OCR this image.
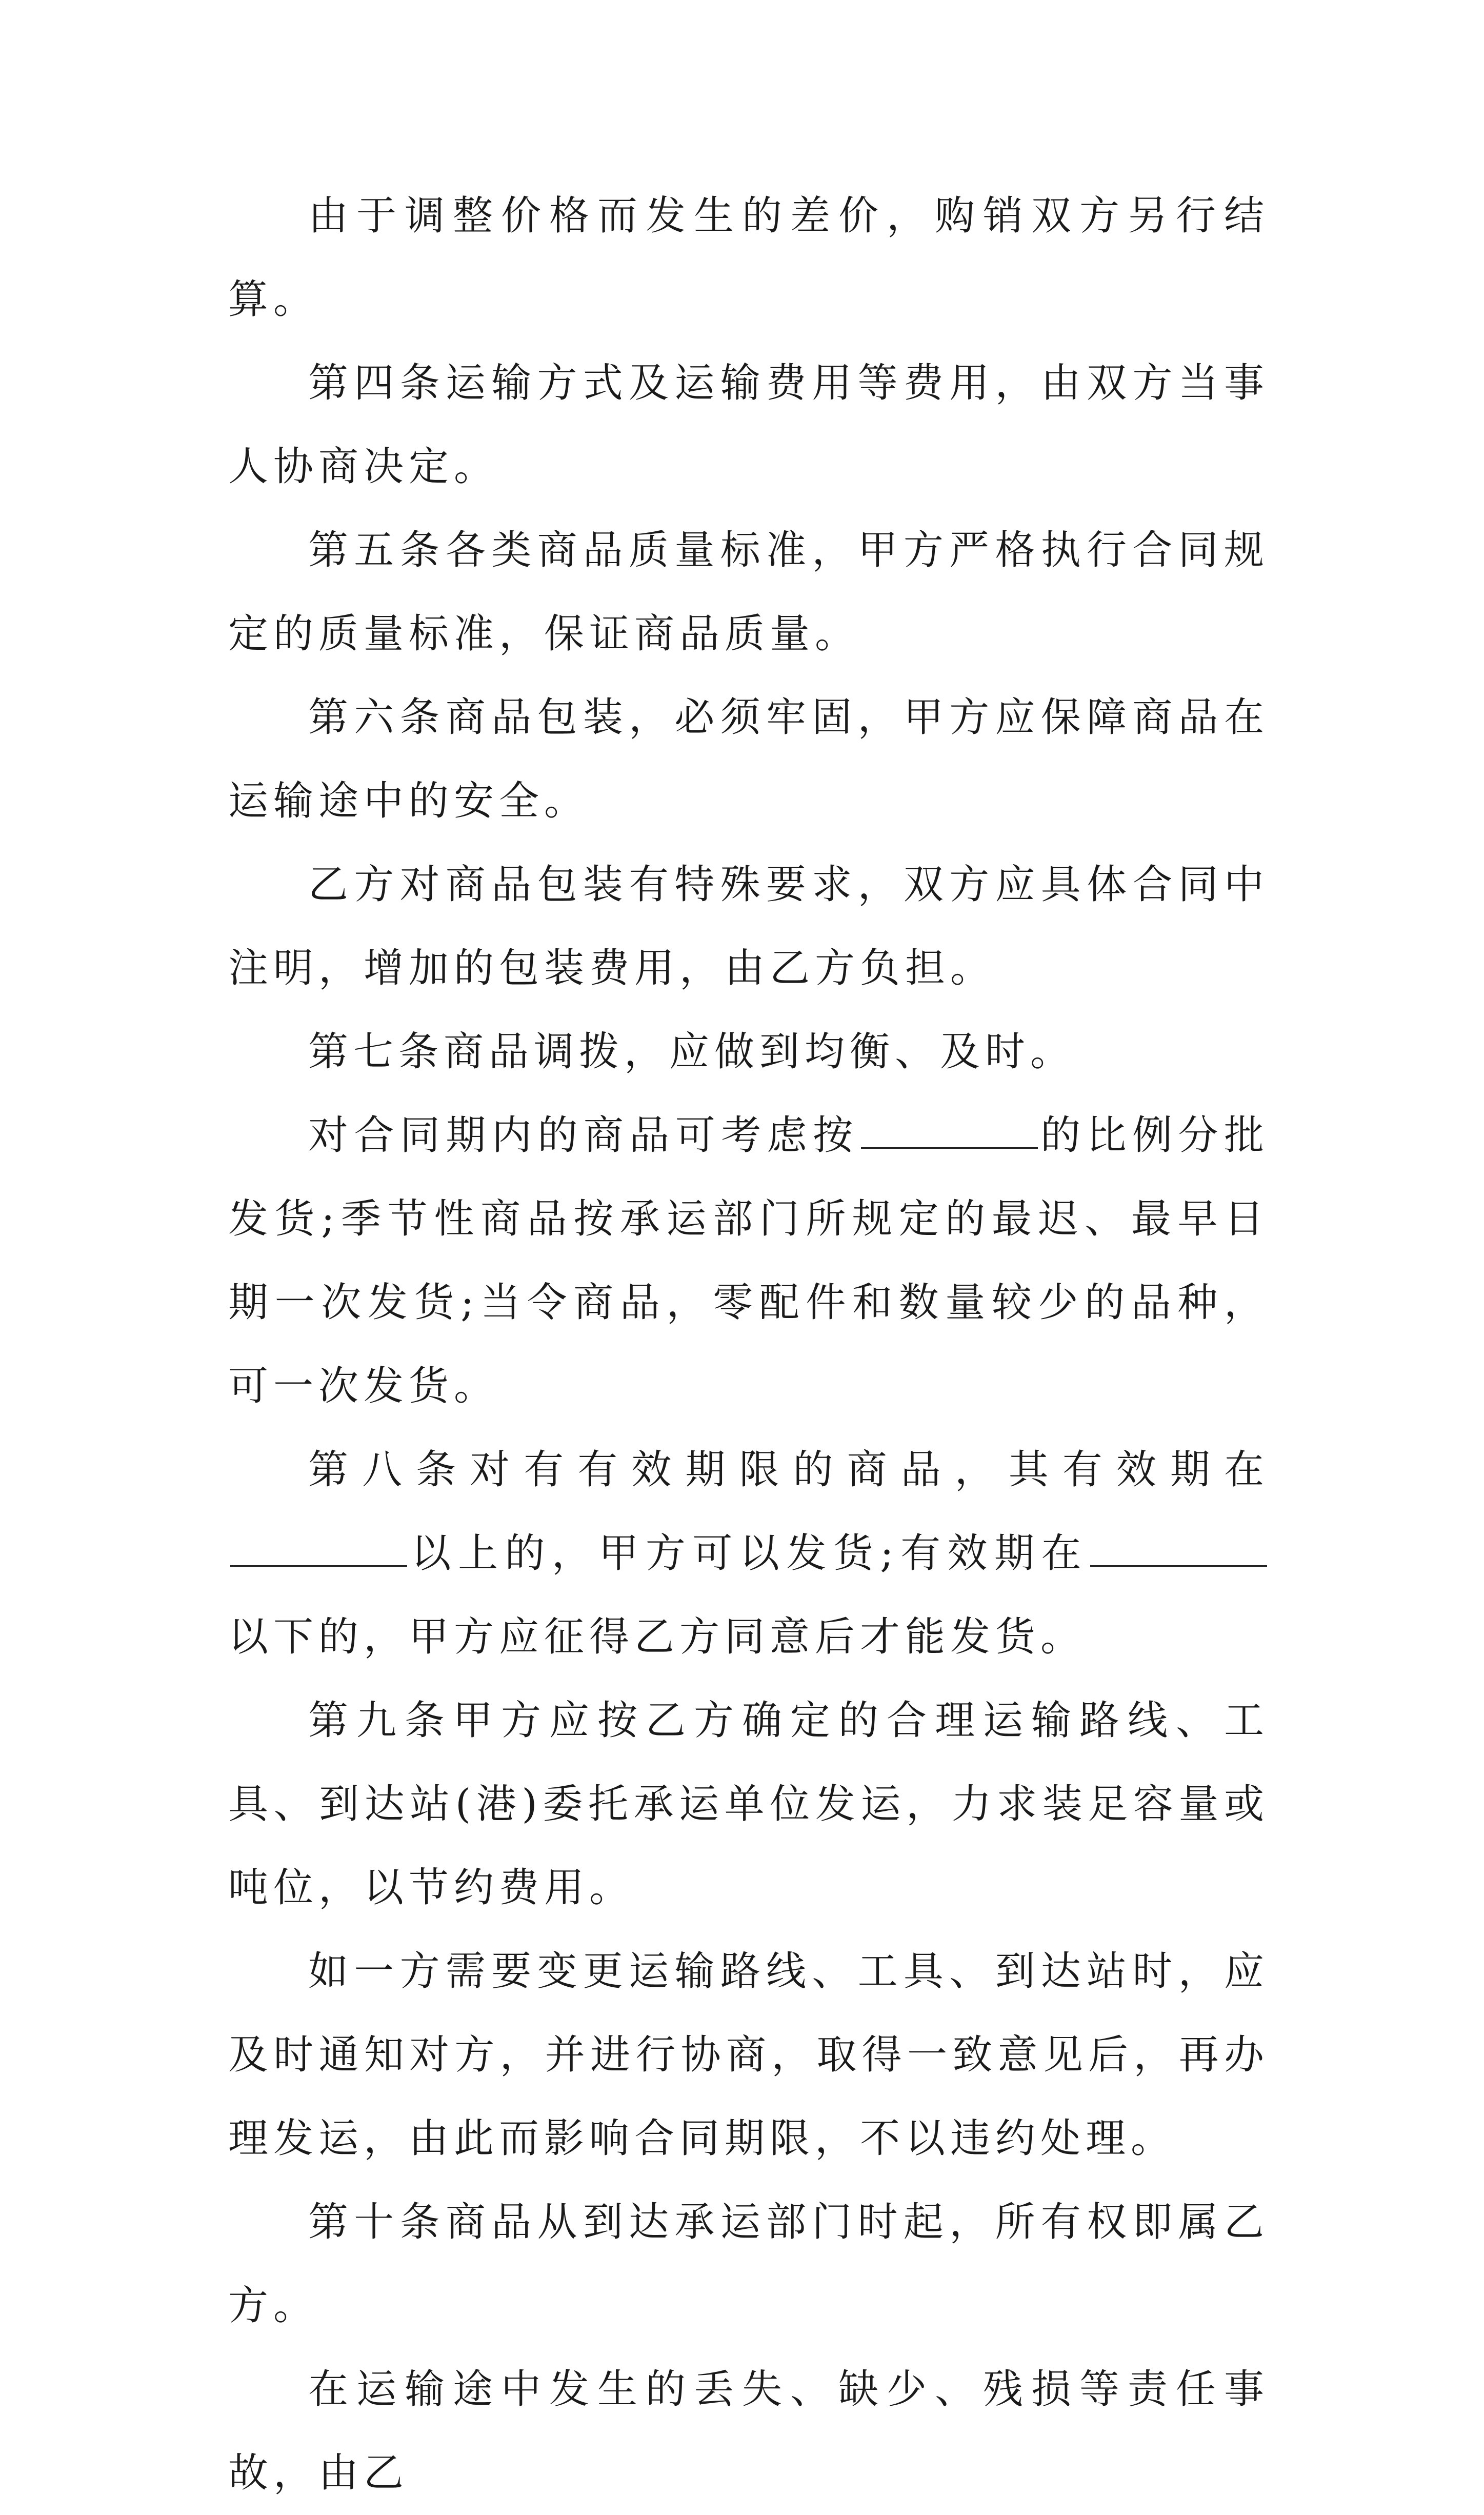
由于调整价格而发生的差价，购销双方另行结算。

第四条运输方式及运输费用等费用，由双方当事人协商决定。

第五条各类商品质量标准，甲方严格执行合同规定的质量标准，保证商品质量。

第六条商品包装，必须牢固，甲方应保障商品在运输途中的安全。

乙方对商品包装有特殊要求，双方应具体合同中注明，增加的包装费用，由乙方负担。

第七条商品调拨，应做到均衡、及时。

对合同期内的商品可考虑按	的比例分批发货;季节性商品按承运部门所规定的最迟、最早日期一次发货;当令商品，零配件和数量较少的品种，可一次发货。

第八条对有有效期限的商品，其有效期在以上的，甲方可以发货;有效期在以下的，甲方应征得乙方同意后才能发货。

第九条甲方应按乙方确定的合理运输路线、工具、到达站(港)委托承运单位发运，力求装足容量或吨位，以节约费用。

如一方需要变更运输路线、工具、到达站时，应及时通知对方，并进行协商，取得一致意见后，再办理发运，由此而影响合同期限，不以违约处理。

第十条商品从到达承运部门时起，所有权即属乙方。

在运输途中发生的丢失、缺少、残损等责任事故，由乙
